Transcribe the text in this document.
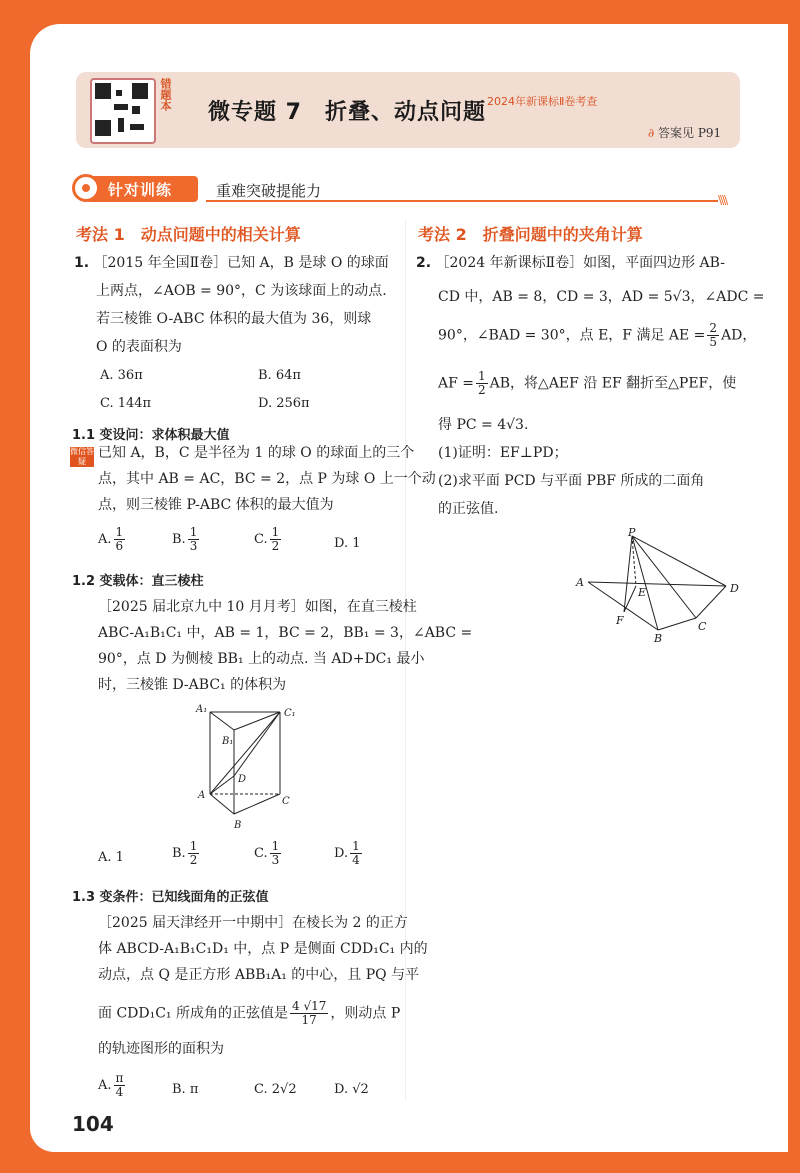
错题本
微专题 7　折叠、动点问题 2024年新课标Ⅱ卷考查
∂ 答案见 P91
针对训练	重难突破提能力	\\\\
考法 1　动点问题中的相关计算
1. ［2015 年全国Ⅱ卷］已知 A，B 是球 O 的球面
上两点，∠AOB = 90°，C 为该球面上的动点.
若三棱锥 O-ABC 体积的最大值为 36，则球
O 的表面积为
A. 36π	B. 64π
C. 144π	D. 256π
1.1 变设问：求体积最大值
微信答疑
已知 A，B，C 是半径为 1 的球 O 的球面上的三个
点，其中 AB = AC，BC = 2，点 P 为球 O 上一个动
点，则三棱锥 P-ABC 体积的最大值为
A. $\frac{1}{6}$	B. $\frac{1}{3}$	C. $\frac{1}{2}$	D. 1
1.2 变载体：直三棱柱
［2025 届北京九中 10 月月考］如图，在直三棱柱
ABC-A₁B₁C₁ 中，AB = 1，BC = 2，BB₁ = 3，∠ABC =
90°，点 D 为侧棱 BB₁ 上的动点. 当 AD+DC₁ 最小
时，三棱锥 D-ABC₁ 的体积为
A₁
B₁
C₁
D
A
B
C
A. 1	B. $\frac{1}{2}$	C. $\frac{1}{3}$	D. $\frac{1}{4}$
1.3 变条件：已知线面角的正弦值
［2025 届天津经开一中期中］在棱长为 2 的正方
体 ABCD-A₁B₁C₁D₁ 中，点 P 是侧面 CDD₁C₁ 内的
动点，点 Q 是正方形 ABB₁A₁ 的中心，且 PQ 与平
面 CDD₁C₁ 所成角的正弦值是 $\frac{4 √17}{17}$ ，则动点 P
的轨迹图形的面积为
A. $\frac{\pi}{4}$	B. π	C. 2√2	D. √2
考法 2　折叠问题中的夹角计算
2. ［2024 年新课标Ⅱ卷］如图，平面四边形 AB-
CD 中，AB = 8，CD = 3，AD = 5√3，∠ADC =
90°，∠BAD = 30°，点 E，F 满足 AE = $\frac{2}{5}$ AD，
AF = $\frac{1}{2}$ AB，将△AEF 沿 EF 翻折至△PEF，使
得 PC = 4√3.
(1)证明：EF⊥PD；
(2)求平面 PCD 与平面 PBF 所成的二面角
的正弦值.
P
A
E	D
F	C
B
104
